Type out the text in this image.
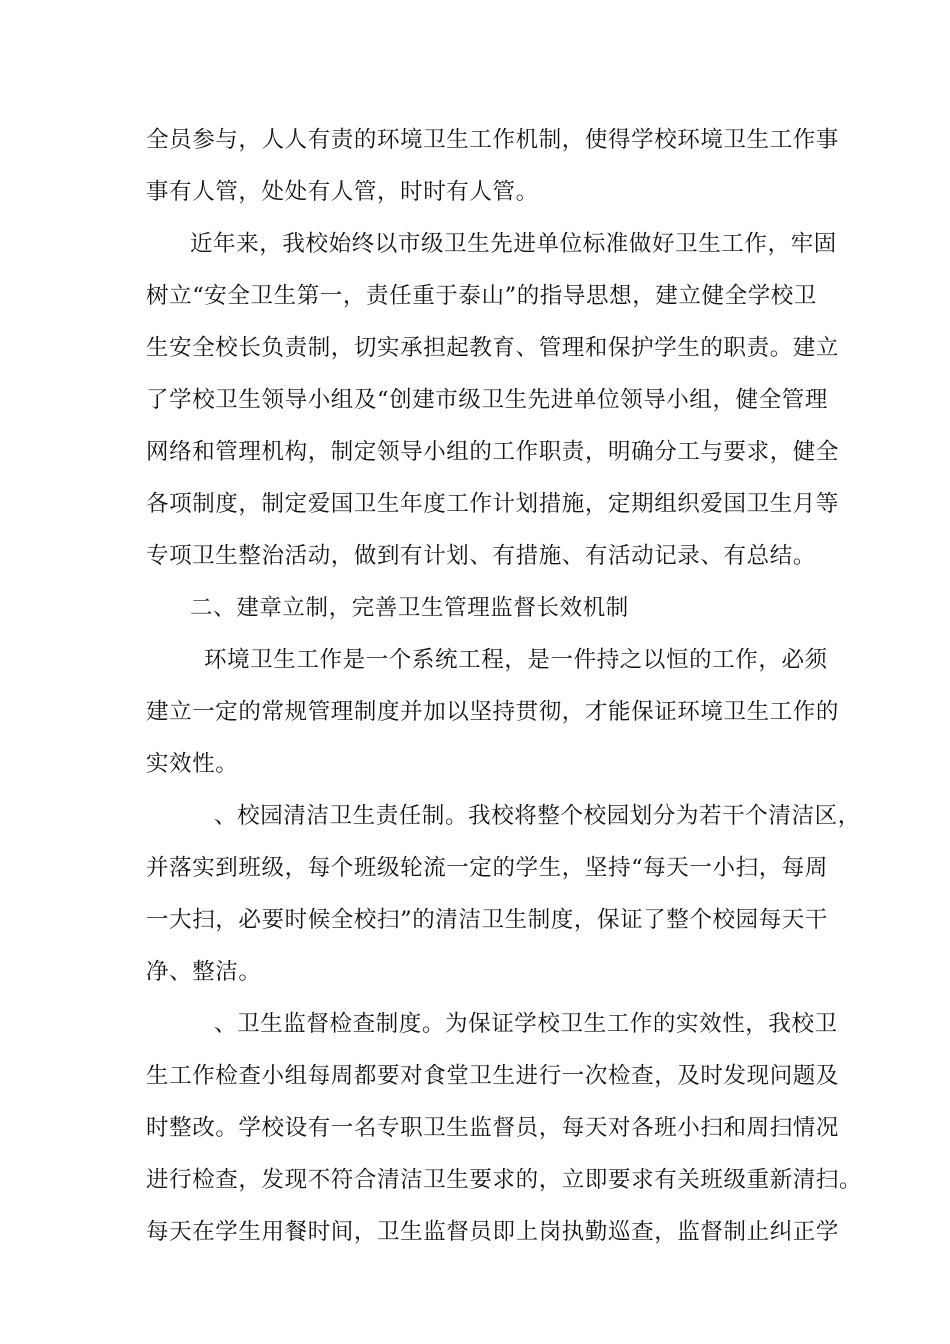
全员参与，人人有责的环境卫生工作机制，使得学校环境卫生工作事
事有人管，处处有人管，时时有人管。
近年来，我校始终以市级卫生先进单位标准做好卫生工作，牢固
树立“安全卫生第一，责任重于泰山”的指导思想，建立健全学校卫
生安全校长负责制，切实承担起教育、管理和保护学生的职责。建立
了学校卫生领导小组及“创建市级卫生先进单位领导小组，健全管理
网络和管理机构，制定领导小组的工作职责，明确分工与要求，健全
各项制度，制定爱国卫生年度工作计划措施，定期组织爱国卫生月等
专项卫生整治活动，做到有计划、有措施、有活动记录、有总结。
二、建章立制，完善卫生管理监督长效机制
环境卫生工作是一个系统工程，是一件持之以恒的工作，必须
建立一定的常规管理制度并加以坚持贯彻，才能保证环境卫生工作的
实效性。
、校园清洁卫生责任制。我校将整个校园划分为若干个清洁区，
并落实到班级，每个班级轮流一定的学生，坚持“每天一小扫，每周
一大扫，必要时候全校扫”的清洁卫生制度，保证了整个校园每天干
净、整洁。
、卫生监督检查制度。为保证学校卫生工作的实效性，我校卫
生工作检查小组每周都要对食堂卫生进行一次检查，及时发现问题及
时整改。学校设有一名专职卫生监督员，每天对各班小扫和周扫情况
进行检查，发现不符合清洁卫生要求的，立即要求有关班级重新清扫。
每天在学生用餐时间，卫生监督员即上岗执勤巡查，监督制止纠正学
